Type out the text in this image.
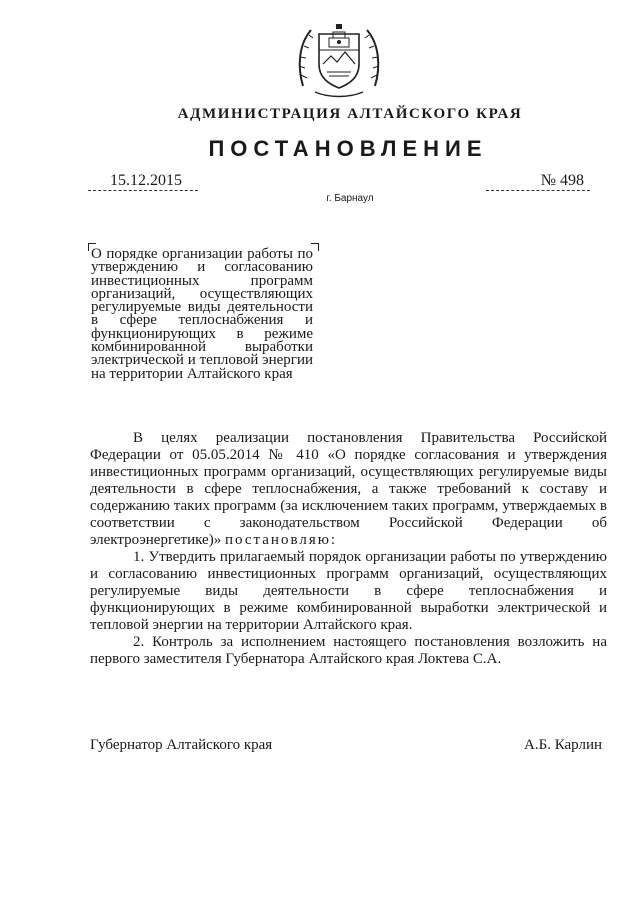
АДМИНИСТРАЦИЯ АЛТАЙСКОГО КРАЯ
ПОСТАНОВЛЕНИЕ
15.12.2015	№ 498
г. Барнаул

О порядке организации работы по утверждению и согласованию инвестиционных программ организаций, осуществляющих регулируемые виды деятельности в сфере теплоснабжения и функционирующих в режиме комбинированной выработки электрической и тепловой энергии на территории Алтайского края

В целях реализации постановления Правительства Российской Федерации от 05.05.2014 № 410 «О порядке согласования и утверждения инвестиционных программ организаций, осуществляющих регулируемые виды деятельности в сфере теплоснабжения, а также требований к составу и содержанию таких программ (за исключением таких программ, утверждаемых в соответствии с законодательством Российской Федерации об электроэнергетике)» постановляю:

1. Утвердить прилагаемый порядок организации работы по утверждению и согласованию инвестиционных программ организаций, осуществляющих регулируемые виды деятельности в сфере теплоснабжения и функционирующих в режиме комбинированной выработки электрической и тепловой энергии на территории Алтайского края.

2. Контроль за исполнением настоящего постановления возложить на первого заместителя Губернатора Алтайского края Локтева С.А.

Губернатор Алтайского края	А.Б. Карлин
